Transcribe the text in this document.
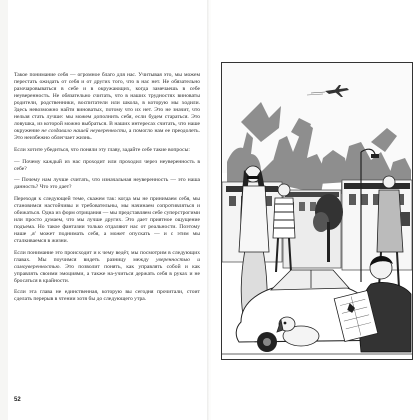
Такое понимание себя — огромное благо для нас. Учитывая это, мы можем перестать ожидать от себя и от других того, что в нас нет. Не обязательно разочаровываться в себе и в окружающих, когда замечаешь в себе неуверенность. Не обязательно считать, что в наших трудностях виноваты родители, родственники, воспитатели или школа, в которую мы ходили. Здесь невозможно найти виноватых, потому что их нет. Это не значит, что нельзя стать лучше: мы можем дополнить себя, если будем стараться. Это ловушка, из которой можно выбраться. В наших интересах считать, что наше окружение не создавало нашей неуверенности, а помогло нам ее преодолеть. Это неизбежно облегчает жизнь.

Если хотите убедиться, что поняли эту главу, задайте себе такие вопросы:

— Почему каждый из нас проходит или проходил через неуверенность в себе?

— Почему нам лучше считать, что изначальная неуверенность — это наша данность? Что это дает?

Переходя к следующей теме, скажем так: когда мы не принимаем себя, мы становимся настойчивы и требовательны, мы начинаем сопротивляться и обижаться. Одна из форм отрицания — мы представляем себе суперстрогими или просто думаем, что мы лучше других. Это дает приятное ощущение подъема. Но такое фантазии только отдаляют нас от реальности. Поэтому наше ‚я' может поднимать себя, а может опускать — и с этим мы сталкиваемся в жизни.

Если понимание это происходит и к чему ведёт, мы посмотрим в следующих главах. Мы поучимся видеть разницу между уверенностью и самоуверенностью. Это позволит понять, как управлять собой и как управлять своими эмоциями, а также на-учиться держать себя в руках и не бросаться в крайности.

Если эта глава не единственная, которую вы сегодня прочитали, стоит сделать перерыв в чтении хотя бы до следующего утра.

52
